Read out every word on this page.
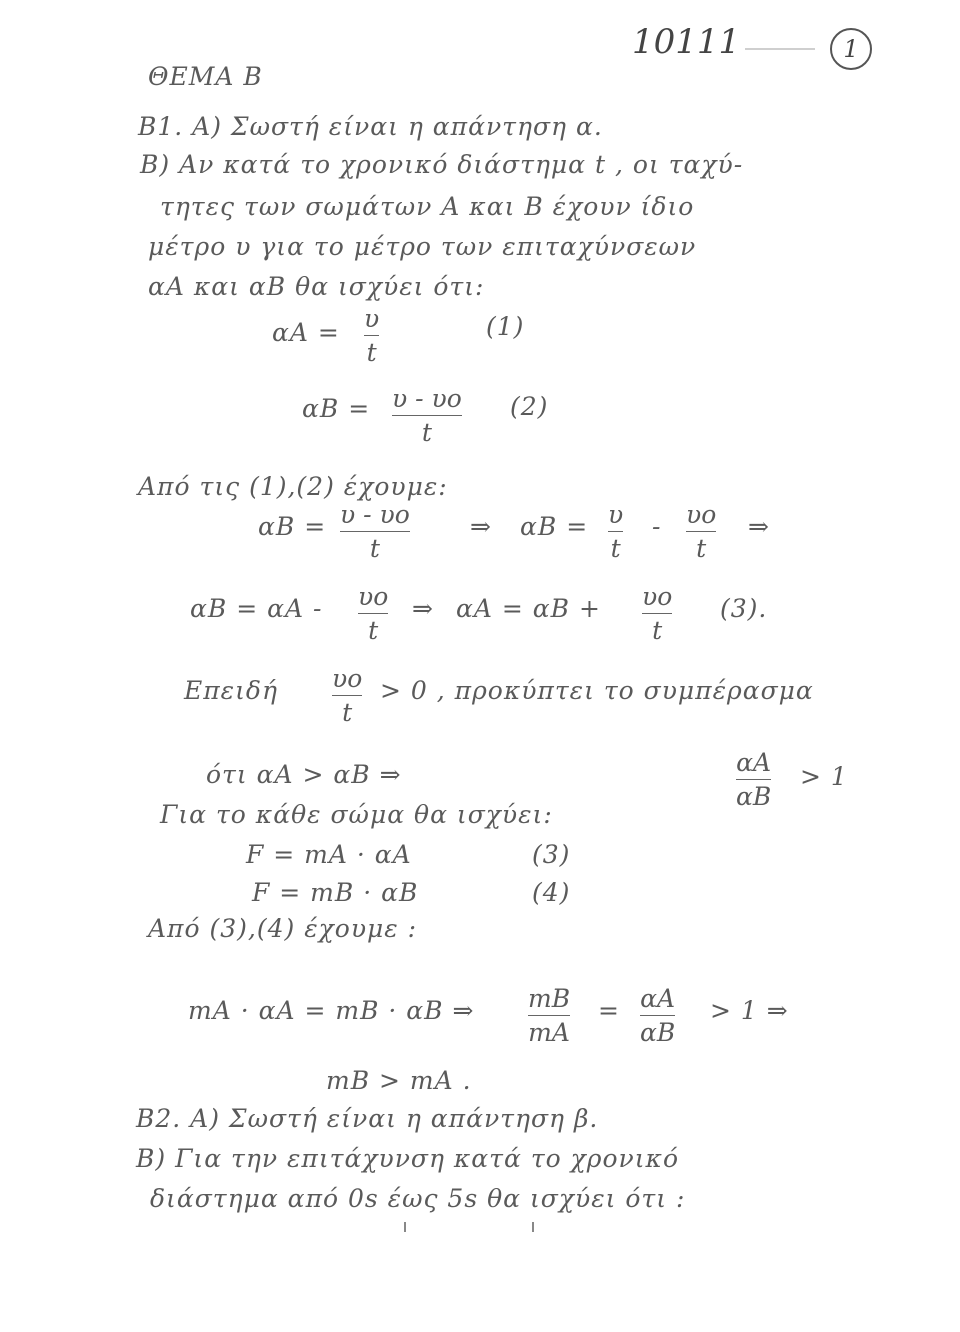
10111	1
ΘΕΜΑ Β
Β1. Α) Σωστή είναι η απάντηση α.
Β) Αν κατά το χρονικό διάστημα t , οι ταχύ-
τητες των σωμάτων Α και Β έχουν ίδιο
μέτρο υ για το μέτρο των επιταχύνσεων
αΑ και αΒ θα ισχύει ότι:
αΑ = υ
t
(1)
αΒ = υ - υο
t
(2)
Από τις (1),(2) έχουμε:
αΒ = υ - υο
t
⇒ αΒ = υ
t
- υο
t
⇒
αΒ = αΑ - υο
t
⇒ αΑ = αΒ + υο
t
(3).
Επειδή υο
t
> 0 , προκύπτει το συμπέρασμα
ότι αΑ > αΒ ⇒	αΑ
αΒ
> 1
Για το κάθε σώμα θα ισχύει:
F = mΑ · αΑ	(3)
F = mΒ · αΒ	(4)
Από (3),(4) έχουμε :
mΑ · αΑ = mΒ · αΒ ⇒ mΒ
mΑ
= αΑ
αΒ
> 1 ⇒
mΒ > mΑ .
Β2. Α) Σωστή είναι η απάντηση β.
Β) Για την επιτάχυνση κατά το χρονικό
διάστημα από 0s έως 5s θα ισχύει ότι :
